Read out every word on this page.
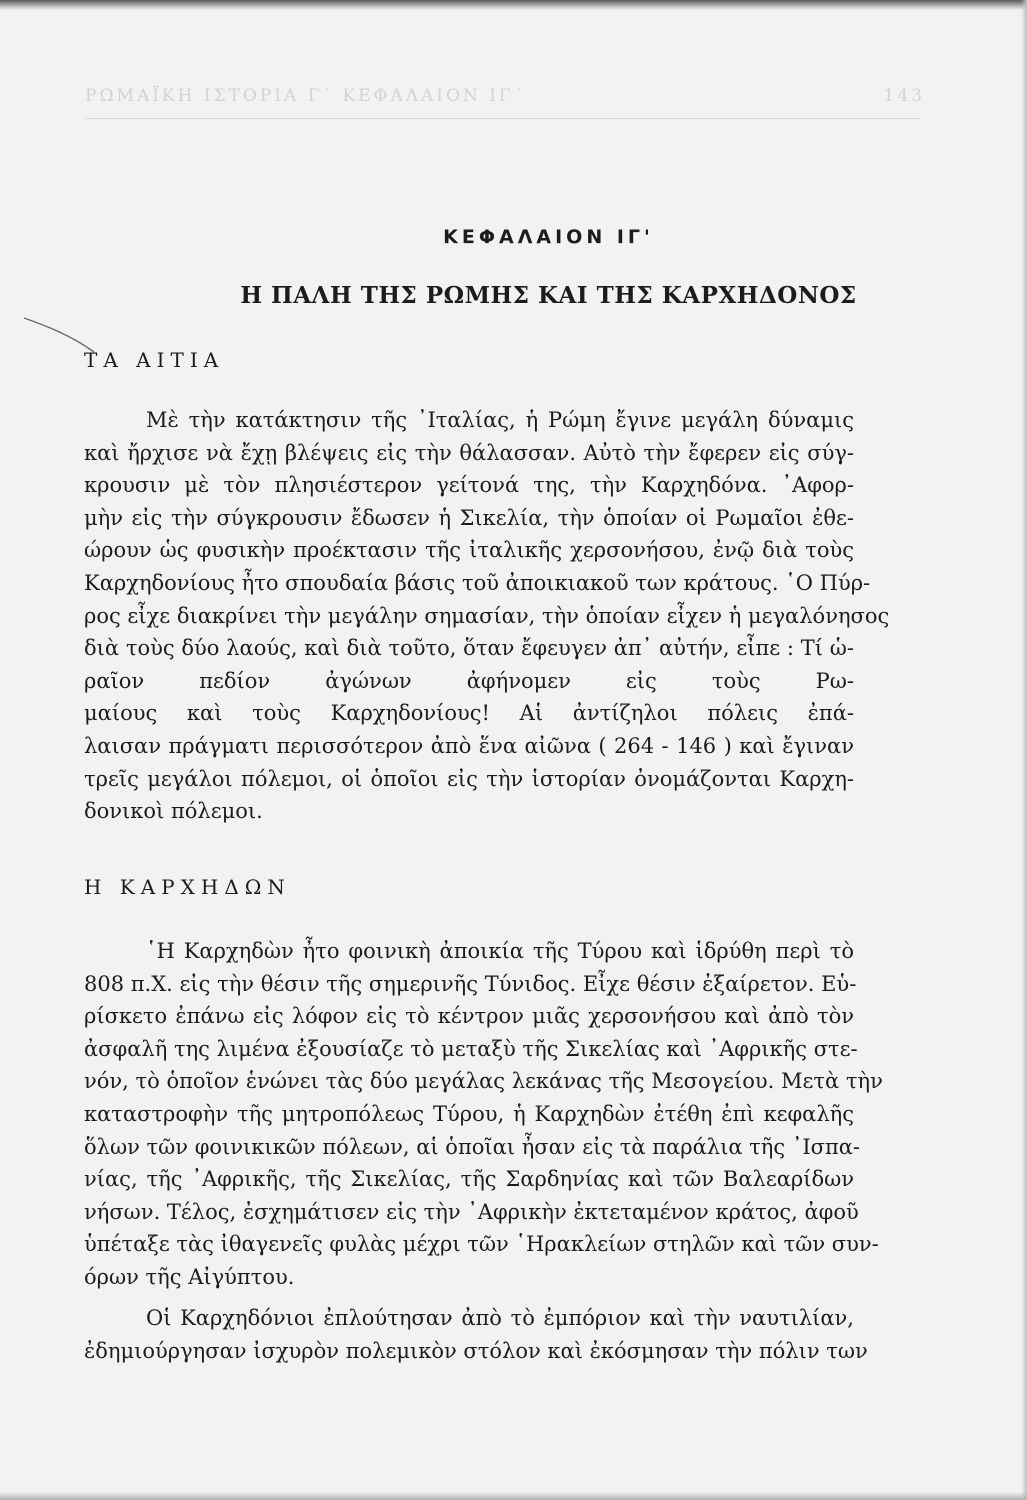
ΡΩΜΑΪΚΗ ΙΣΤΟΡΙΑ Γ΄ ΚΕΦΑΛΑΙΟΝ ΙΓ΄	143
ΚΕΦΑΛΑΙΟΝ ΙΓ'
Η ΠΑΛΗ ΤΗΣ ΡΩΜΗΣ ΚΑΙ ΤΗΣ ΚΑΡΧΗΔΟΝΟΣ
ΤΑ ΑΙΤΙΑ
Μὲ τὴν κατάκτησιν τῆς ᾿Ιταλίας, ἡ Ρώμη ἔγινε μεγάλη δύναμις
καὶ ἤρχισε νὰ ἔχῃ βλέψεις εἰς τὴν θάλασσαν. Αὐτὸ τὴν ἔφερεν εἰς σύγ-
κρουσιν μὲ τὸν πλησιέστερον γείτονά της, τὴν Καρχηδόνα. ᾿Αφορ-
μὴν εἰς τὴν σύγκρουσιν ἔδωσεν ἡ Σικελία, τὴν ὁποίαν οἱ Ρωμαῖοι ἐθε-
ώρουν ὡς φυσικὴν προέκτασιν τῆς ἰταλικῆς χερσονήσου, ἐνῷ διὰ τοὺς
Καρχηδονίους ἦτο σπουδαία βάσις τοῦ ἀποικιακοῦ των κράτους. ῾Ο Πύρ-
ρος εἶχε διακρίνει τὴν μεγάλην σημασίαν, τὴν ὁποίαν εἶχεν ἡ μεγαλόνησος
διὰ τοὺς δύο λαούς, καὶ διὰ τοῦτο, ὅταν ἔφευγεν ἀπ᾿ αὐτήν, εἶπε : Τί ὡ-
ραῖον πεδίον ἀγώνων ἀφήνομεν εἰς τοὺς Ρω-
μαίους καὶ τοὺς Καρχηδονίους! Αἱ ἀντίζηλοι πόλεις ἐπά-
λαισαν πράγματι περισσότερον ἀπὸ ἕνα αἰῶνα ( 264 - 146 ) καὶ ἔγιναν
τρεῖς μεγάλοι πόλεμοι, οἱ ὁποῖοι εἰς τὴν ἱστορίαν ὀνομάζονται Καρχη-
δονικοὶ πόλεμοι.
Η ΚΑΡΧΗΔΩΝ
῾Η Καρχηδὼν ἦτο φοινικὴ ἀποικία τῆς Τύρου καὶ ἱδρύθη περὶ τὸ
808 π.Χ. εἰς τὴν θέσιν τῆς σημερινῆς Τύνιδος. Εἶχε θέσιν ἐξαίρετον. Εὑ-
ρίσκετο ἐπάνω εἰς λόφον εἰς τὸ κέντρον μιᾶς χερσονήσου καὶ ἀπὸ τὸν
ἀσφαλῆ της λιμένα ἐξουσίαζε τὸ μεταξὺ τῆς Σικελίας καὶ ᾿Αφρικῆς στε-
νόν, τὸ ὁποῖον ἑνώνει τὰς δύο μεγάλας λεκάνας τῆς Μεσογείου. Μετὰ τὴν
καταστροφὴν τῆς μητροπόλεως Τύρου, ἡ Καρχηδὼν ἐτέθη ἐπὶ κεφαλῆς
ὅλων τῶν φοινικικῶν πόλεων, αἱ ὁποῖαι ἦσαν εἰς τὰ παράλια τῆς ᾿Ισπα-
νίας, τῆς ᾿Αφρικῆς, τῆς Σικελίας, τῆς Σαρδηνίας καὶ τῶν Βαλεαρίδων
νήσων. Τέλος, ἐσχημάτισεν εἰς τὴν ᾿Αφρικὴν ἐκτεταμένον κράτος, ἀφοῦ
ὑπέταξε τὰς ἰθαγενεῖς φυλὰς μέχρι τῶν ῾Ηρακλείων στηλῶν καὶ τῶν συν-
όρων τῆς Αἰγύπτου.
Οἱ Καρχηδόνιοι ἐπλούτησαν ἀπὸ τὸ ἐμπόριον καὶ τὴν ναυτιλίαν,
ἐδημιούργησαν ἰσχυρὸν πολεμικὸν στόλον καὶ ἐκόσμησαν τὴν πόλιν των
